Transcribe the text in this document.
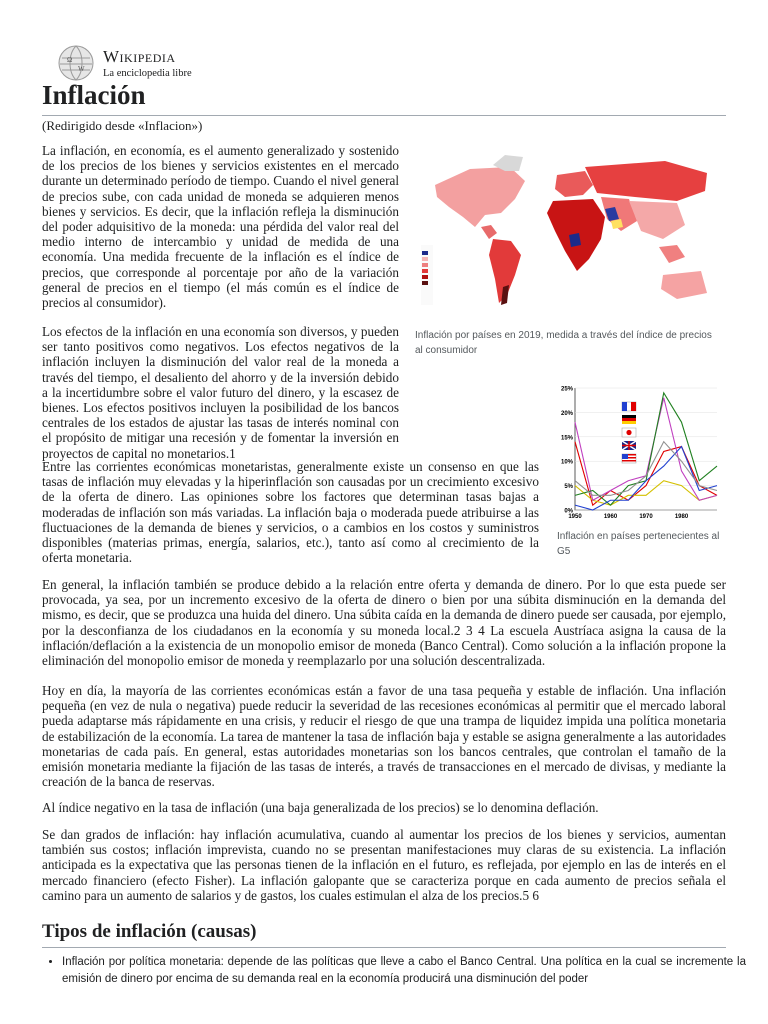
Ω
W
Wikipedia
La enciclopedia libre
Inflación
(Redirigido desde «Inflacion»)

La inflación, en economía, es el aumento generalizado y sostenido de los precios de los bienes y servicios existentes en el mercado durante un determinado período de tiempo. Cuando el nivel general de precios sube, con cada unidad de moneda se adquieren menos bienes y servicios. Es decir, que la inflación refleja la disminución del poder adquisitivo de la moneda: una pérdida del valor real del medio interno de intercambio y unidad de medida de una economía. Una medida frecuente de la inflación es el índice de precios, que corresponde al porcentaje por año de la variación general de precios en el tiempo (el más común es el índice de precios al consumidor).

Inflación por países en 2019, medida a través del índice de precios al consumidor

Los efectos de la inflación en una economía son diversos, y pueden ser tanto positivos como negativos. Los efectos negativos de la inflación incluyen la disminución del valor real de la moneda a través del tiempo, el desaliento del ahorro y de la inversión debido a la incertidumbre sobre el valor futuro del dinero, y la escasez de bienes. Los efectos positivos incluyen la posibilidad de los bancos centrales de los estados de ajustar las tasas de interés nominal con el propósito de mitigar una recesión y de fomentar la inversión en proyectos de capital no monetarios.1

25%
20%
15%
10%
5%
0%
1950	1960	1970	1980
Inflación en países pertenecientes al G5

Entre las corrientes económicas monetaristas, generalmente existe un consenso en que las tasas de inflación muy elevadas y la hiperinflación son causadas por un crecimiento excesivo de la oferta de dinero. Las opiniones sobre los factores que determinan tasas bajas a moderadas de inflación son más variadas. La inflación baja o moderada puede atribuirse a las fluctuaciones de la demanda de bienes y servicios, o a cambios en los costos y suministros disponibles (materias primas, energía, salarios, etc.), tanto así como al crecimiento de la oferta monetaria.

En general, la inflación también se produce debido a la relación entre oferta y demanda de dinero. Por lo que esta puede ser provocada, ya sea, por un incremento excesivo de la oferta de dinero o bien por una súbita disminución en la demanda del mismo, es decir, que se produzca una huida del dinero. Una súbita caída en la demanda de dinero puede ser causada, por ejemplo, por la desconfianza de los ciudadanos en la economía y su moneda local.2 3 4 La escuela Austríaca asigna la causa de la inflación/deflación a la existencia de un monopolio emisor de moneda (Banco Central). Como solución a la inflación propone la eliminación del monopolio emisor de moneda y reemplazarlo por una solución descentralizada.

Hoy en día, la mayoría de las corrientes económicas están a favor de una tasa pequeña y estable de inflación. Una inflación pequeña (en vez de nula o negativa) puede reducir la severidad de las recesiones económicas al permitir que el mercado laboral pueda adaptarse más rápidamente en una crisis, y reducir el riesgo de que una trampa de liquidez impida una política monetaria de estabilización de la economía. La tarea de mantener la tasa de inflación baja y estable se asigna generalmente a las autoridades monetarias de cada país. En general, estas autoridades monetarias son los bancos centrales, que controlan el tamaño de la emisión monetaria mediante la fijación de las tasas de interés, a través de transacciones en el mercado de divisas, y mediante la creación de la banca de reservas.

Al índice negativo en la tasa de inflación (una baja generalizada de los precios) se lo denomina deflación.

Se dan grados de inflación: hay inflación acumulativa, cuando al aumentar los precios de los bienes y servicios, aumentan también sus costos; inflación imprevista, cuando no se presentan manifestaciones muy claras de su existencia. La inflación anticipada es la expectativa que las personas tienen de la inflación en el futuro, es reflejada, por ejemplo en las de interés en el mercado financiero (efecto Fisher). La inflación galopante que se caracteriza porque en cada aumento de precios señala el camino para un aumento de salarios y de gastos, los cuales estimulan el alza de los precios.5 6

Tipos de inflación (causas)
• Inflación por política monetaria: depende de las políticas que lleve a cabo el Banco Central. Una política en la cual se incremente la emisión de dinero por encima de su demanda real en la economía producirá una disminución del poder
